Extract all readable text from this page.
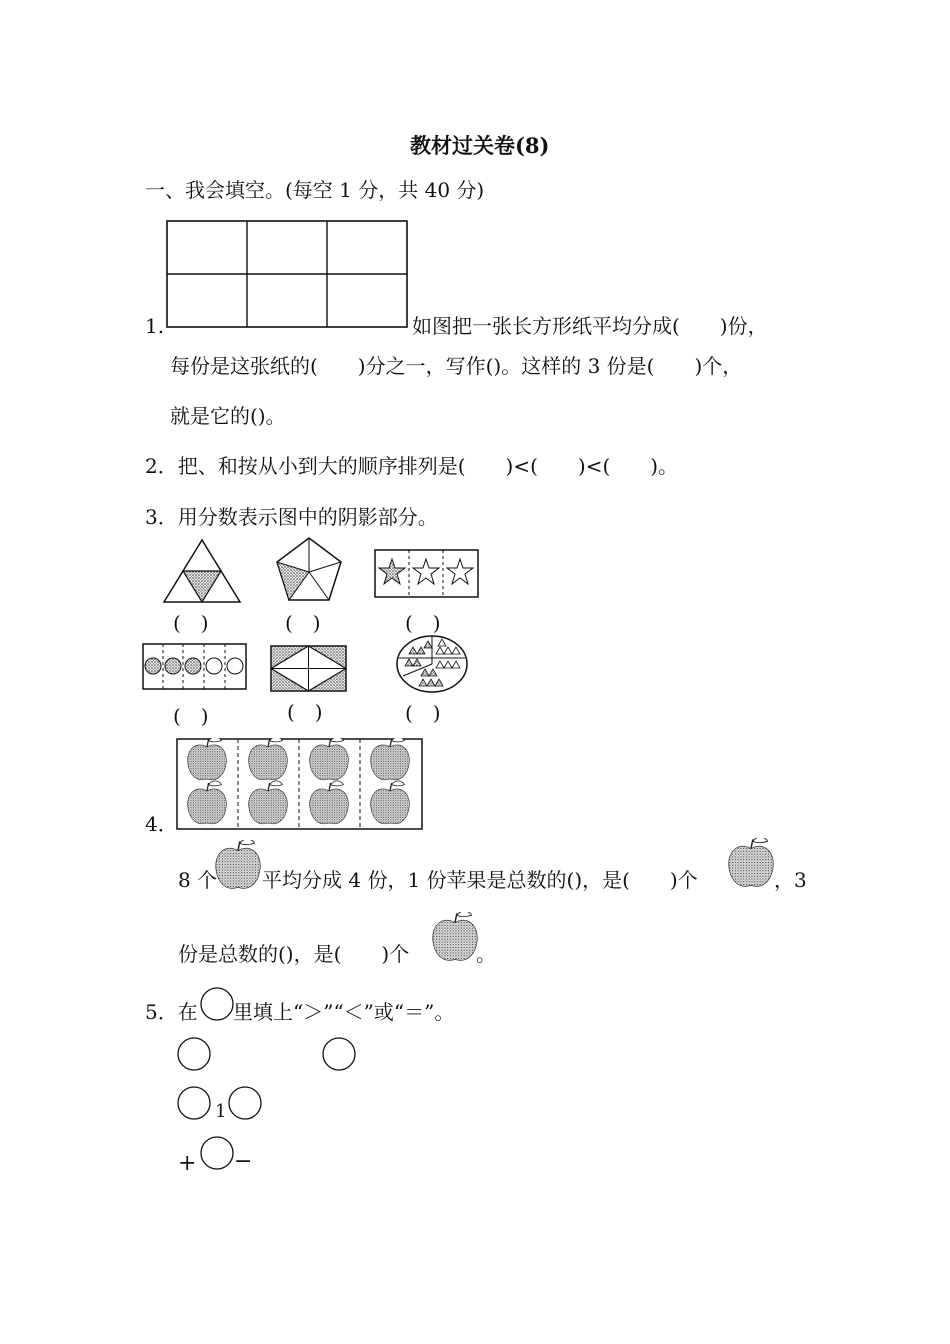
教材过关卷(8)
一、我会填空。(每空 1 分，共 40 分)
1.	如图把一张长方形纸平均分成(　　)份，
每份是这张纸的(　　)分之一，写作()。这样的 3 份是(　　)个，
就是它的()。
2．把、和按从小到大的顺序排列是(　　)<(　　)<(　　)。
3．用分数表示图中的阴影部分。
(　)	(　)	(　)
(　)	(　)	(　)
4．
8 个 平均分成 4 份，1 份苹果是总数的()，是(　　)个	，3
份是总数的()，是(　　)个	。
5．在 里填上“＞”“＜”或“＝”。
1
+ −
